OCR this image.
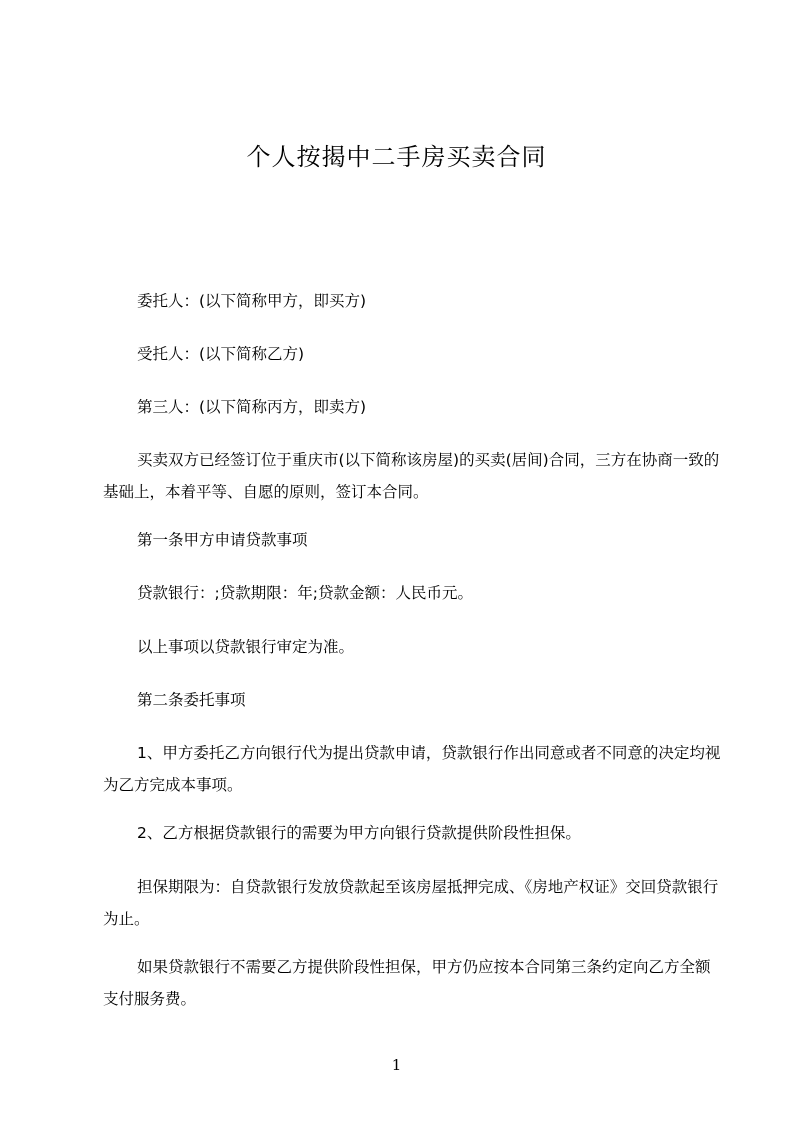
个人按揭中二手房买卖合同

委托人：(以下简称甲方，即买方)

受托人：(以下简称乙方)

第三人：(以下简称丙方，即卖方)

买卖双方已经签订位于重庆市(以下简称该房屋)的买卖(居间)合同，三方在协商一致的基础上，本着平等、自愿的原则，签订本合同。

第一条甲方申请贷款事项

贷款银行：;贷款期限：年;贷款金额：人民币元。

以上事项以贷款银行审定为准。

第二条委托事项

1、甲方委托乙方向银行代为提出贷款申请，贷款银行作出同意或者不同意的决定均视为乙方完成本事项。

2、乙方根据贷款银行的需要为甲方向银行贷款提供阶段性担保。

担保期限为：自贷款银行发放贷款起至该房屋抵押完成、《房地产权证》交回贷款银行为止。

如果贷款银行不需要乙方提供阶段性担保，甲方仍应按本合同第三条约定向乙方全额支付服务费。

1
